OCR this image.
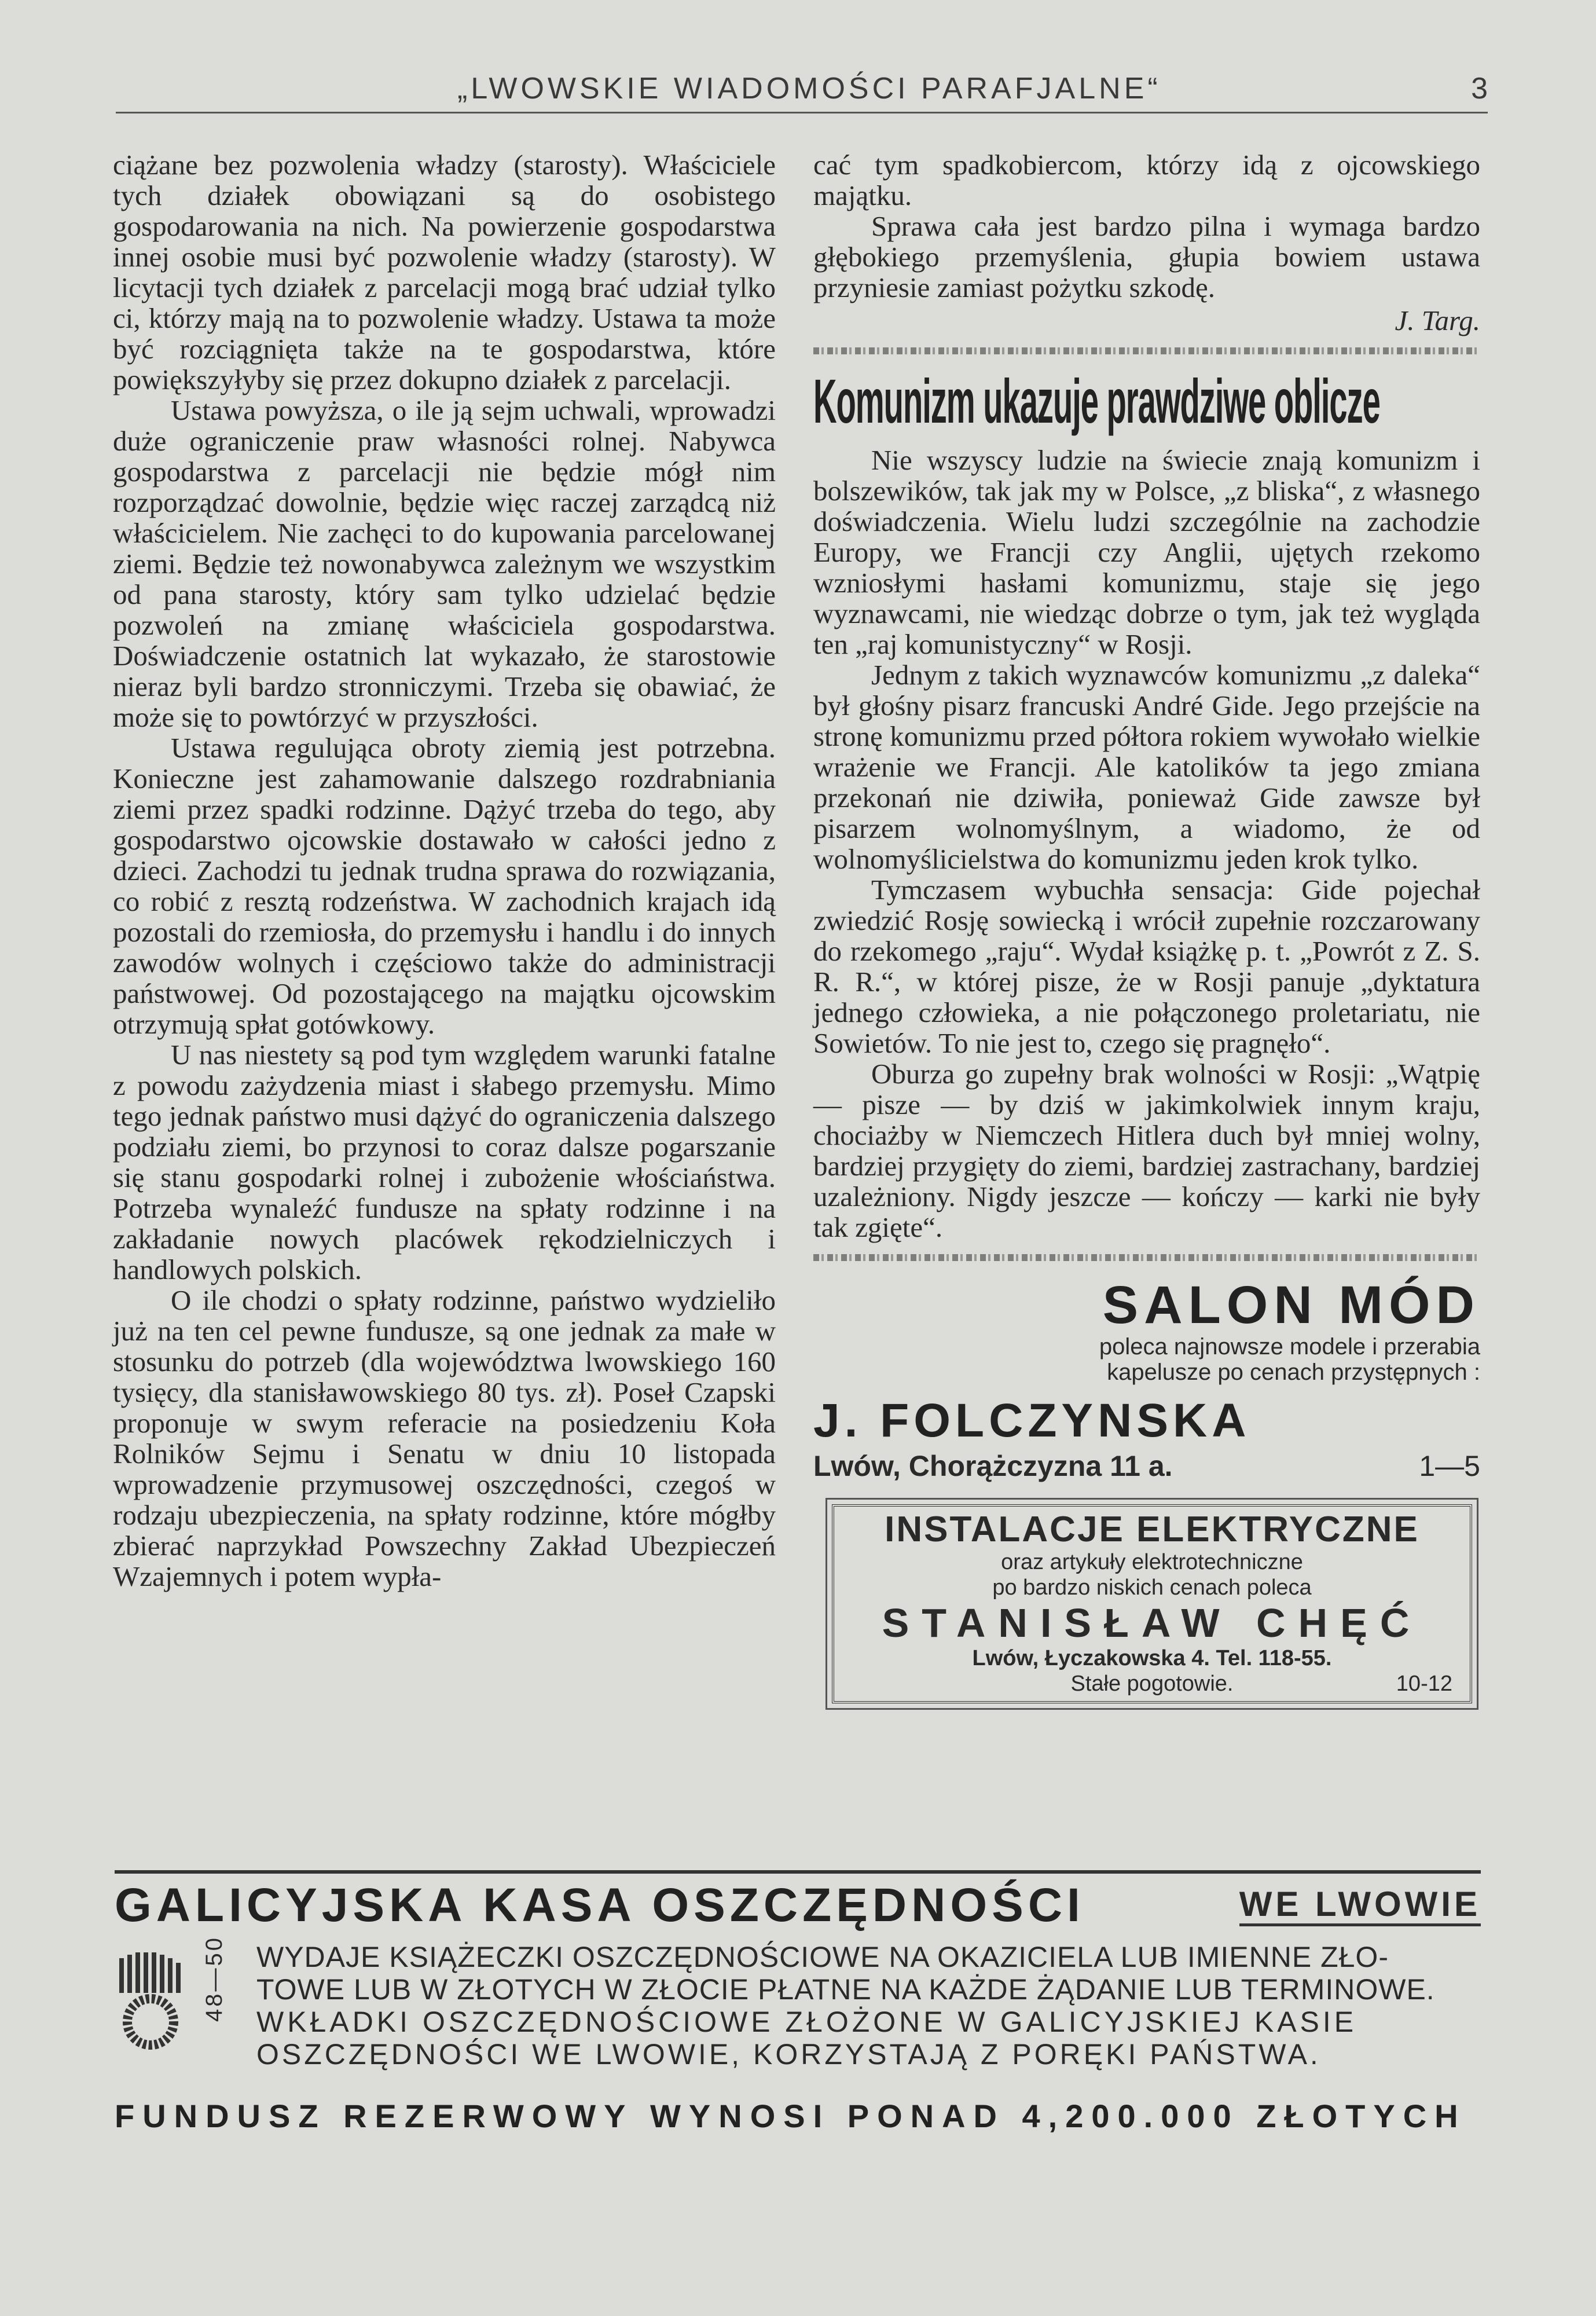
„LWOWSKIE WIADOMOŚCI PARAFJALNE“	3

ciążane bez pozwolenia władzy (starosty). Właściciele tych działek obowiązani są do osobistego gospodarowania na nich. Na powierzenie gospodarstwa innej osobie musi być pozwolenie władzy (starosty). W licytacji tych działek z parcelacji mogą brać udział tylko ci, którzy mają na to pozwolenie władzy. Ustawa ta może być rozciągnięta także na te gospodarstwa, które powiększyłyby się przez dokupno działek z parcelacji.

Ustawa powyższa, o ile ją sejm uchwali, wprowadzi duże ograniczenie praw własności rolnej. Nabywca gospodarstwa z parcelacji nie będzie mógł nim rozporządzać dowolnie, będzie więc raczej zarządcą niż właścicielem. Nie zachęci to do kupowania parcelowanej ziemi. Będzie też nowonabywca zależnym we wszystkim od pana starosty, który sam tylko udzielać będzie pozwoleń na zmianę właściciela gospodarstwa. Doświadczenie ostatnich lat wykazało, że starostowie nieraz byli bardzo stronniczymi. Trzeba się obawiać, że może się to powtórzyć w przyszłości.

Ustawa regulująca obroty ziemią jest potrzebna. Konieczne jest zahamowanie dalszego rozdrabniania ziemi przez spadki rodzinne. Dążyć trzeba do tego, aby gospodarstwo ojcowskie dostawało w całości jedno z dzieci. Zachodzi tu jednak trudna sprawa do rozwiązania, co robić z resztą rodzeństwa. W zachodnich krajach idą pozostali do rzemiosła, do przemysłu i handlu i do innych zawodów wolnych i częściowo także do administracji państwowej. Od pozostającego na majątku ojcowskim otrzymują spłat gotówkowy.

U nas niestety są pod tym względem warunki fatalne z powodu zażydzenia miast i słabego przemysłu. Mimo tego jednak państwo musi dążyć do ograniczenia dalszego podziału ziemi, bo przynosi to coraz dalsze pogarszanie się stanu gospodarki rolnej i zubożenie włościaństwa. Potrzeba wynaleźć fundusze na spłaty rodzinne i na zakładanie nowych placówek rękodzielniczych i handlowych polskich.

O ile chodzi o spłaty rodzinne, państwo wydzieliło już na ten cel pewne fundusze, są one jednak za małe w stosunku do potrzeb (dla województwa lwowskiego 160 tysięcy, dla stanisławowskiego 80 tys. zł). Poseł Czapski proponuje w swym referacie na posiedzeniu Koła Rolników Sejmu i Senatu w dniu 10 listopada wprowadzenie przymusowej oszczędności, czegoś w rodzaju ubezpieczenia, na spłaty rodzinne, które mógłby zbierać naprzykład Powszechny Zakład Ubezpieczeń Wzajemnych i potem wypła-

cać tym spadkobiercom, którzy idą z ojcowskiego majątku.

Sprawa cała jest bardzo pilna i wymaga bardzo głębokiego przemyślenia, głupia bowiem ustawa przyniesie zamiast pożytku szkodę.

J. Targ.
Komunizm ukazuje prawdziwe oblicze

Nie wszyscy ludzie na świecie znają komunizm i bolszewików, tak jak my w Polsce, „z bliska“, z własnego doświadczenia. Wielu ludzi szczególnie na zachodzie Europy, we Francji czy Anglii, ujętych rzekomo wzniosłymi hasłami komunizmu, staje się jego wyznawcami, nie wiedząc dobrze o tym, jak też wygląda ten „raj komunistyczny“ w Rosji.

Jednym z takich wyznawców komunizmu „z daleka“ był głośny pisarz francuski André Gide. Jego przejście na stronę komunizmu przed półtora rokiem wywołało wielkie wrażenie we Francji. Ale katolików ta jego zmiana przekonań nie dziwiła, ponieważ Gide zawsze był pisarzem wolnomyślnym, a wiadomo, że od wolnomyślicielstwa do komunizmu jeden krok tylko.

Tymczasem wybuchła sensacja: Gide pojechał zwiedzić Rosję sowiecką i wrócił zupełnie rozczarowany do rzekomego „raju“. Wydał książkę p. t. „Powrót z Z. S. R. R.“, w której pisze, że w Rosji panuje „dyktatura jednego człowieka, a nie połączonego proletariatu, nie Sowietów. To nie jest to, czego się pragnęło“.

Oburza go zupełny brak wolności w Rosji: „Wątpię — pisze — by dziś w jakimkolwiek innym kraju, chociażby w Niemczech Hitlera duch był mniej wolny, bardziej przygięty do ziemi, bardziej zastrachany, bardziej uzależniony. Nigdy jeszcze — kończy — karki nie były tak zgięte“.

SALON MÓD
poleca najnowsze modele i przerabia
kapelusze po cenach przystępnych :
J. FOLCZYNSKA
Lwów, Chorążczyzna 11 a.	1—5
INSTALACJE ELEKTRYCZNE
oraz artykuły elektrotechniczne
po bardzo niskich cenach poleca
STANISŁAW CHĘĆ
Lwów, Łyczakowska 4. Tel. 118-55.
Stałe pogotowie.	10-12
GALICYJSKA KASA OSZCZĘDNOŚCI	WE LWOWIE
48—50 WYDAJE KSIĄŻECZKI OSZCZĘDNOŚCIOWE NA OKAZICIELA LUB IMIENNE ZŁO-
TOWE LUB W ZŁOTYCH W ZŁOCIE PŁATNE NA KAŻDE ŻĄDANIE LUB TERMINOWE.
WKŁADKI OSZCZĘDNOŚCIOWE ZŁOŻONE W GALICYJSKIEJ KASIE
OSZCZĘDNOŚCI WE LWOWIE, KORZYSTAJĄ Z PORĘKI PAŃSTWA.
FUNDUSZ REZERWOWY WYNOSI PONAD 4,200.000 ZŁOTYCH
